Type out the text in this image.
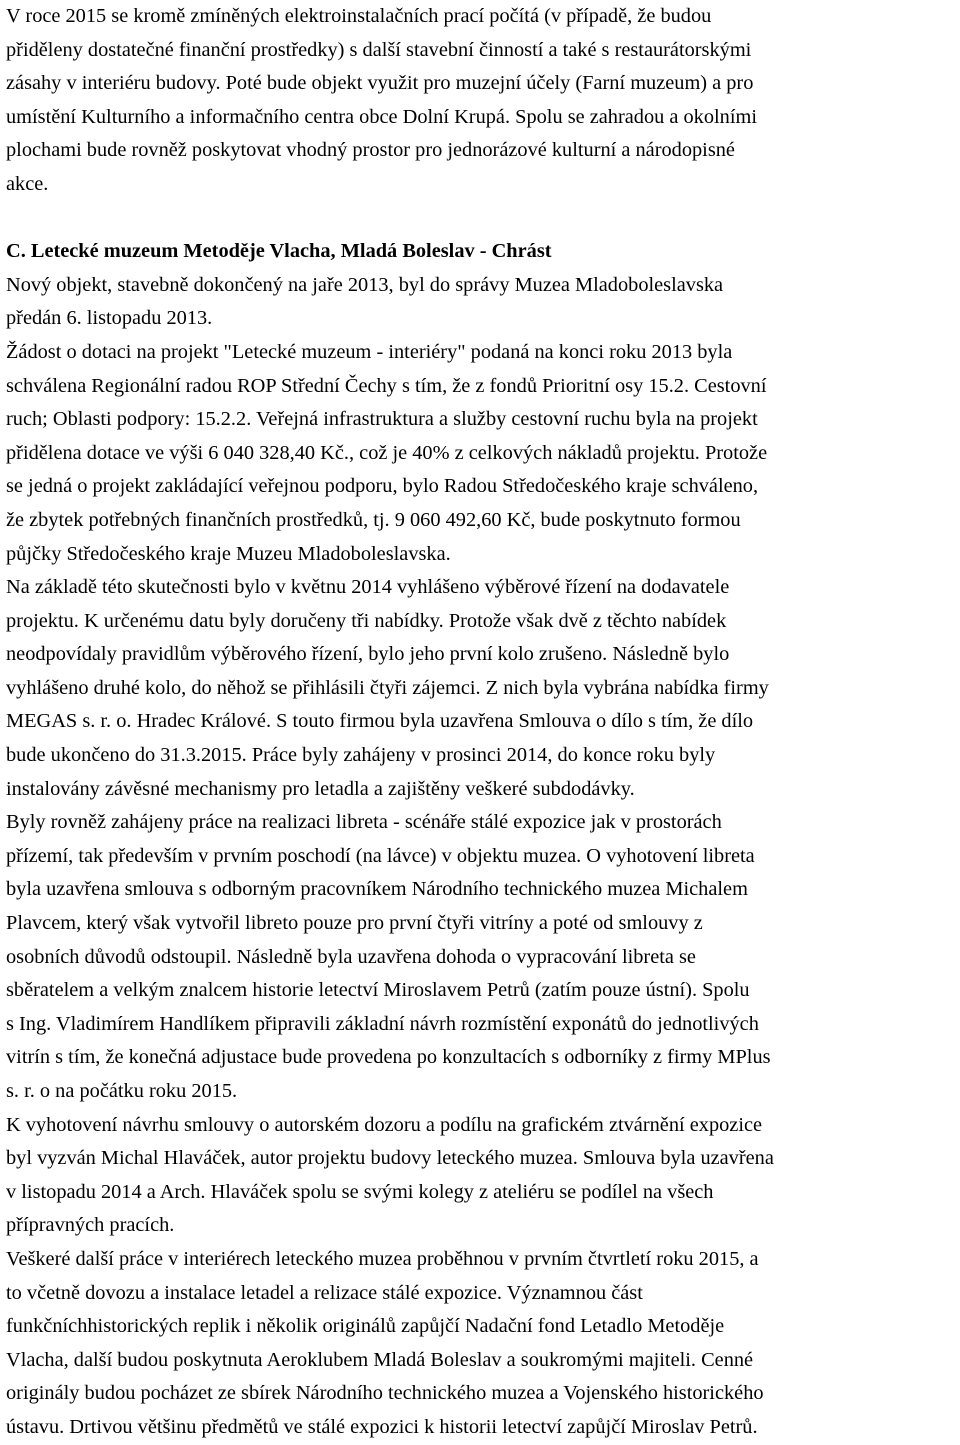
V roce 2015 se kromě zmíněných elektroinstalačních prací počítá (v případě, že budou
přiděleny dostatečné finanční prostředky) s další stavební činností a také s restaurátorskými
zásahy v interiéru budovy. Poté bude objekt využit pro muzejní účely (Farní muzeum) a pro
umístění Kulturního a informačního centra obce Dolní Krupá. Spolu se zahradou a okolními
plochami bude rovněž poskytovat vhodný prostor pro jednorázové kulturní a národopisné
akce.
C. Letecké muzeum Metoděje Vlacha, Mladá Boleslav - Chrást
Nový objekt, stavebně dokončený na jaře 2013, byl do správy Muzea Mladoboleslavska
předán 6. listopadu 2013.
Žádost o dotaci na projekt "Letecké muzeum - interiéry" podaná na konci roku 2013 byla
schválena Regionální radou ROP Střední Čechy s tím, že z fondů Prioritní osy 15.2. Cestovní
ruch; Oblasti podpory: 15.2.2. Veřejná infrastruktura a služby cestovní ruchu byla na projekt
přidělena dotace ve výši 6 040 328,40 Kč., což je 40% z celkových nákladů projektu. Protože
se jedná o projekt zakládající veřejnou podporu, bylo Radou Středočeského kraje schváleno,
že zbytek potřebných finančních prostředků, tj. 9 060 492,60 Kč, bude poskytnuto formou
půjčky Středočeského kraje Muzeu Mladoboleslavska.
Na základě této skutečnosti bylo v květnu 2014 vyhlášeno výběrové řízení na dodavatele
projektu. K určenému datu byly doručeny tři nabídky. Protože však dvě z těchto nabídek
neodpovídaly pravidlům výběrového řízení, bylo jeho první kolo zrušeno. Následně bylo
vyhlášeno druhé kolo, do něhož se přihlásili čtyři zájemci. Z nich byla vybrána nabídka firmy
MEGAS s. r. o. Hradec Králové. S touto firmou byla uzavřena Smlouva o dílo s tím, že dílo
bude ukončeno do 31.3.2015. Práce byly zahájeny v prosinci 2014, do konce roku byly
instalovány závěsné mechanismy pro letadla a zajištěny veškeré subdodávky.
Byly rovněž zahájeny práce na realizaci libreta - scénáře stálé expozice jak v prostorách
přízemí, tak především v prvním poschodí (na lávce) v objektu muzea. O vyhotovení libreta
byla uzavřena smlouva s odborným pracovníkem Národního technického muzea Michalem
Plavcem, který však vytvořil libreto pouze pro první čtyři vitríny a poté od smlouvy z
osobních důvodů odstoupil. Následně byla uzavřena dohoda o vypracování libreta se
sběratelem a velkým znalcem historie letectví Miroslavem Petrů (zatím pouze ústní). Spolu
s Ing. Vladimírem Handlíkem připravili základní návrh rozmístění exponátů do jednotlivých
vitrín s tím, že konečná adjustace bude provedena po konzultacích s odborníky z firmy MPlus
s. r. o na počátku roku 2015.
K vyhotovení návrhu smlouvy o autorském dozoru a podílu na grafickém ztvárnění expozice
byl vyzván Michal Hlaváček, autor projektu budovy leteckého muzea. Smlouva byla uzavřena
v listopadu 2014 a Arch. Hlaváček spolu se svými kolegy z ateliéru se podílel na všech
přípravných pracích.
Veškeré další práce v interiérech leteckého muzea proběhnou v prvním čtvrtletí roku 2015, a
to včetně dovozu a instalace letadel a relizace stálé expozice. Významnou část
funkčníchhistorických replik i několik originálů zapůjčí Nadační fond Letadlo Metoděje
Vlacha, další budou poskytnuta Aeroklubem Mladá Boleslav a soukromými majiteli. Cenné
originály budou pocházet ze sbírek Národního technického muzea a Vojenského historického
ústavu. Drtivou většinu předmětů ve stálé expozici k historii letectví zapůjčí Miroslav Petrů.
